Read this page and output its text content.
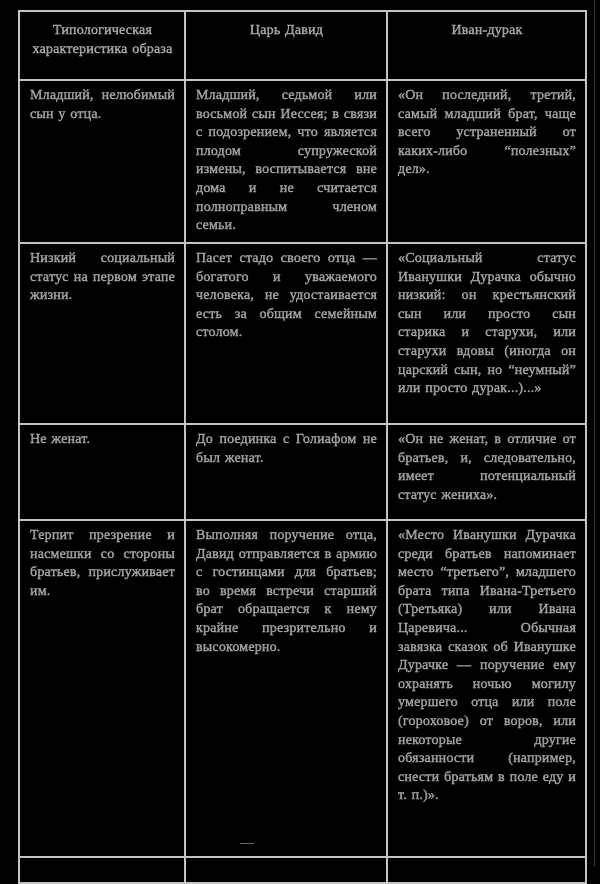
Типологическая характеристика образа	Царь Давид	Иван-дурак
Младший, нелюбимый сын у отца.	Младший, седьмой или восьмой сын Иессея; в связи с подозрением, что является плодом супружеской измены, воспитывается вне дома и не считается полноправным членом семьи.	«Он последний, третий, самый младший брат, чаще всего устраненный от каких-либо “полезных” дел».
Низкий социальный статус на первом этапе жизни.	Пасет стадо своего отца — богатого и уважаемого человека, не удостаивается есть за общим семейным столом.	«Социальный статус Иванушки Дурачка обычно низкий: он крестьянский сын или просто сын старика и старухи, или старухи вдовы (иногда он царский сын, но “неумный” или просто дурак...)...»
Не женат.	До поединка с Голиафом не был женат.	«Он не женат, в отличие от братьев, и, следовательно, имеет потенциальный статус жениха».
Терпит презрение и насмешки со стороны братьев, прислуживает им.	Выполняя поручение отца, Давид отправляется в армию с гостинцами для братьев; во время встречи старший брат обращается к нему крайне презрительно и высокомерно.	«Место Иванушки Дурачка среди братьев напоминает место “третьего”, младшего брата типа Ивана-Третьего (Третьяка) или Ивана Царевича... Обычная завязка сказок об Иванушке Дурачке — поручение ему охранять ночью могилу умершего отца или поле (гороховое) от воров, или некоторые другие обязанности (например, снести братьям в поле еду и т. п.)».
